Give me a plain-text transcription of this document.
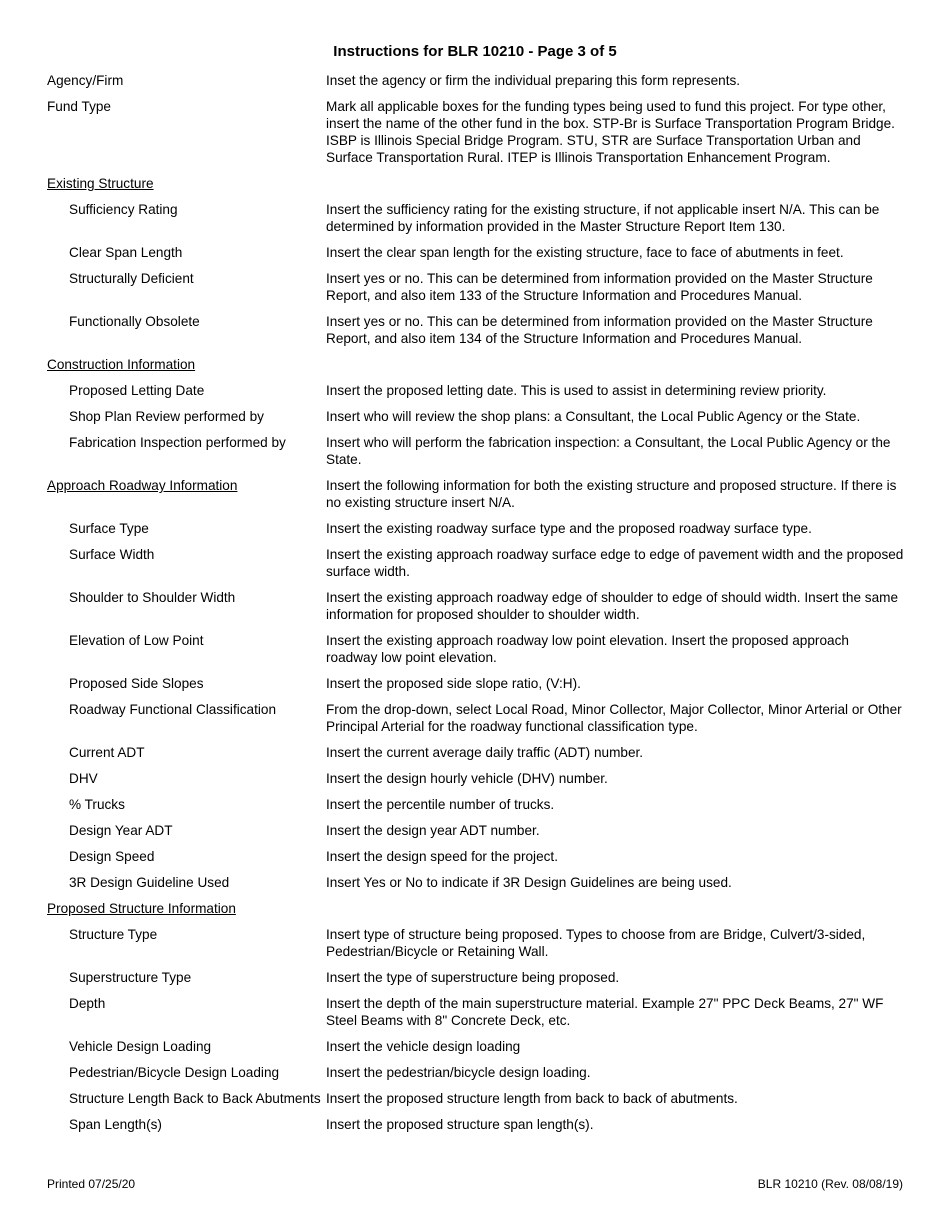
Instructions for BLR 10210 - Page 3 of 5
Agency/Firm	Inset the agency or firm the individual preparing this form represents.
Fund Type	Mark all applicable boxes for the funding types being used to fund this project. For type other, insert the name of the other fund in the box. STP-Br is Surface Transportation Program Bridge. ISBP is Illinois Special Bridge Program. STU, STR are Surface Transportation Urban and Surface Transportation Rural. ITEP is Illinois Transportation Enhancement Program.
Existing Structure
Sufficiency Rating	Insert the sufficiency rating for the existing structure, if not applicable insert N/A. This can be determined by information provided in the Master Structure Report Item 130.
Clear Span Length	Insert the clear span length for the existing structure, face to face of abutments in feet.
Structurally Deficient	Insert yes or no. This can be determined from information provided on the Master Structure Report, and also item 133 of the Structure Information and Procedures Manual.
Functionally Obsolete	Insert yes or no. This can be determined from information provided on the Master Structure Report, and also item 134 of the Structure Information and Procedures Manual.
Construction Information
Proposed Letting Date	Insert the proposed letting date. This is used to assist in determining review priority.
Shop Plan Review performed by	Insert who will review the shop plans: a Consultant, the Local Public Agency or the State.
Fabrication Inspection performed by	Insert who will perform the fabrication inspection: a Consultant, the Local Public Agency or the State.
Approach Roadway Information	Insert the following information for both the existing structure and proposed structure. If there is no existing structure insert N/A.
Surface Type	Insert the existing roadway surface type and the proposed roadway surface type.
Surface Width	Insert the existing approach roadway surface edge to edge of pavement width and the proposed surface width.
Shoulder to Shoulder Width	Insert the existing approach roadway edge of shoulder to edge of should width. Insert the same information for proposed shoulder to shoulder width.
Elevation of Low Point	Insert the existing approach roadway low point elevation. Insert the proposed approach roadway low point elevation.
Proposed Side Slopes	Insert the proposed side slope ratio, (V:H).
Roadway Functional Classification	From the drop-down, select Local Road, Minor Collector, Major Collector, Minor Arterial or Other Principal Arterial for the roadway functional classification type.
Current ADT	Insert the current average daily traffic (ADT) number.
DHV	Insert the design hourly vehicle (DHV) number.
% Trucks	Insert the percentile number of trucks.
Design Year ADT	Insert the design year ADT number.
Design Speed	Insert the design speed for the project.
3R Design Guideline Used	Insert Yes or No to indicate if 3R Design Guidelines are being used.
Proposed Structure Information
Structure Type	Insert type of structure being proposed. Types to choose from are Bridge, Culvert/3-sided, Pedestrian/Bicycle or Retaining Wall.
Superstructure Type	Insert the type of superstructure being proposed.
Depth	Insert the depth of the main superstructure material. Example 27" PPC Deck Beams, 27" WF Steel Beams with 8" Concrete Deck, etc.
Vehicle Design Loading	Insert the vehicle design loading
Pedestrian/Bicycle Design Loading	Insert the pedestrian/bicycle design loading.
Structure Length Back to Back Abutments Insert the proposed structure length from back to back of abutments.
Span Length(s)	Insert the proposed structure span length(s).
Printed 07/25/20	BLR 10210 (Rev. 08/08/19)
